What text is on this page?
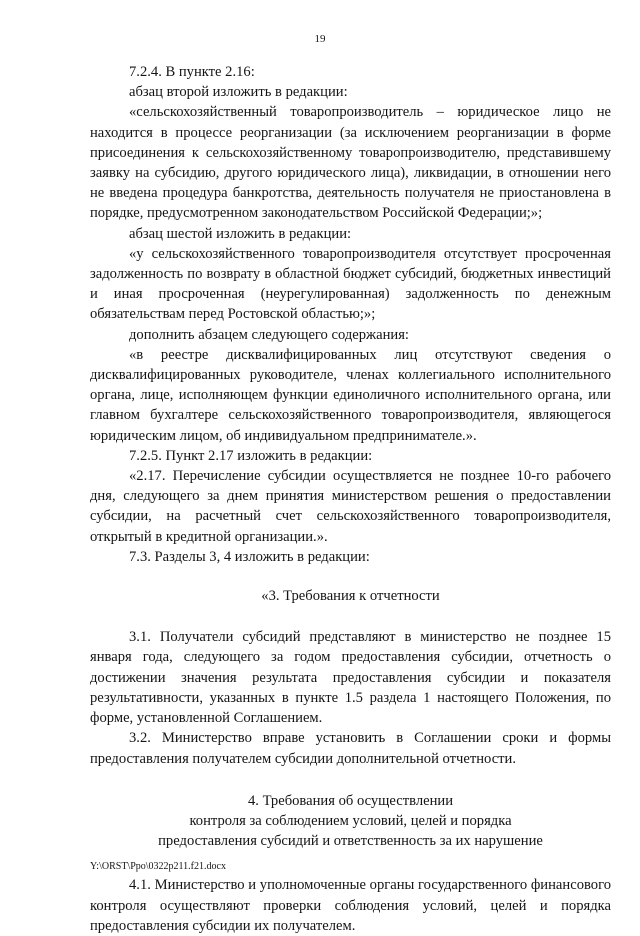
19

7.2.4. В пункте 2.16:

абзац второй изложить в редакции:

«сельскохозяйственный товаропроизводитель – юридическое лицо не находится в процессе реорганизации (за исключением реорганизации в форме присоединения к сельскохозяйственному товаропроизводителю, представившему заявку на субсидию, другого юридического лица), ликвидации, в отношении него не введена процедура банкротства, деятельность получателя не приостановлена в порядке, предусмотренном законодательством Российской Федерации;»;

абзац шестой изложить в редакции:

«у сельскохозяйственного товаропроизводителя отсутствует просроченная задолженность по возврату в областной бюджет субсидий, бюджетных инвестиций и иная просроченная (неурегулированная) задолженность по денежным обязательствам перед Ростовской областью;»;

дополнить абзацем следующего содержания:

«в реестре дисквалифицированных лиц отсутствуют сведения о дисквалифицированных руководителе, членах коллегиального исполнительного органа, лице, исполняющем функции единоличного исполнительного органа, или главном бухгалтере сельскохозяйственного товаропроизводителя, являющегося юридическим лицом, об индивидуальном предпринимателе.».

7.2.5. Пункт 2.17 изложить в редакции:

«2.17. Перечисление субсидии осуществляется не позднее 10-го рабочего дня, следующего за днем принятия министерством решения о предоставлении субсидии, на расчетный счет сельскохозяйственного товаропроизводителя, открытый в кредитной организации.».

7.3. Разделы 3, 4 изложить в редакции:

«3. Требования к отчетности

3.1. Получатели субсидий представляют в министерство не позднее 15 января года, следующего за годом предоставления субсидии, отчетность о достижении значения результата предоставления субсидии и показателя результативности, указанных в пункте 1.5 раздела 1 настоящего Положения, по форме, установленной Соглашением.

3.2. Министерство вправе установить в Соглашении сроки и формы предоставления получателем субсидии дополнительной отчетности.

4. Требования об осуществлении

контроля за соблюдением условий, целей и порядка

предоставления субсидий и ответственность за их нарушение

4.1. Министерство и уполномоченные органы государственного финансового контроля осуществляют проверки соблюдения условий, целей и порядка предоставления субсидии их получателем.

Y:\ORST\Ppo\0322p211.f21.docx
